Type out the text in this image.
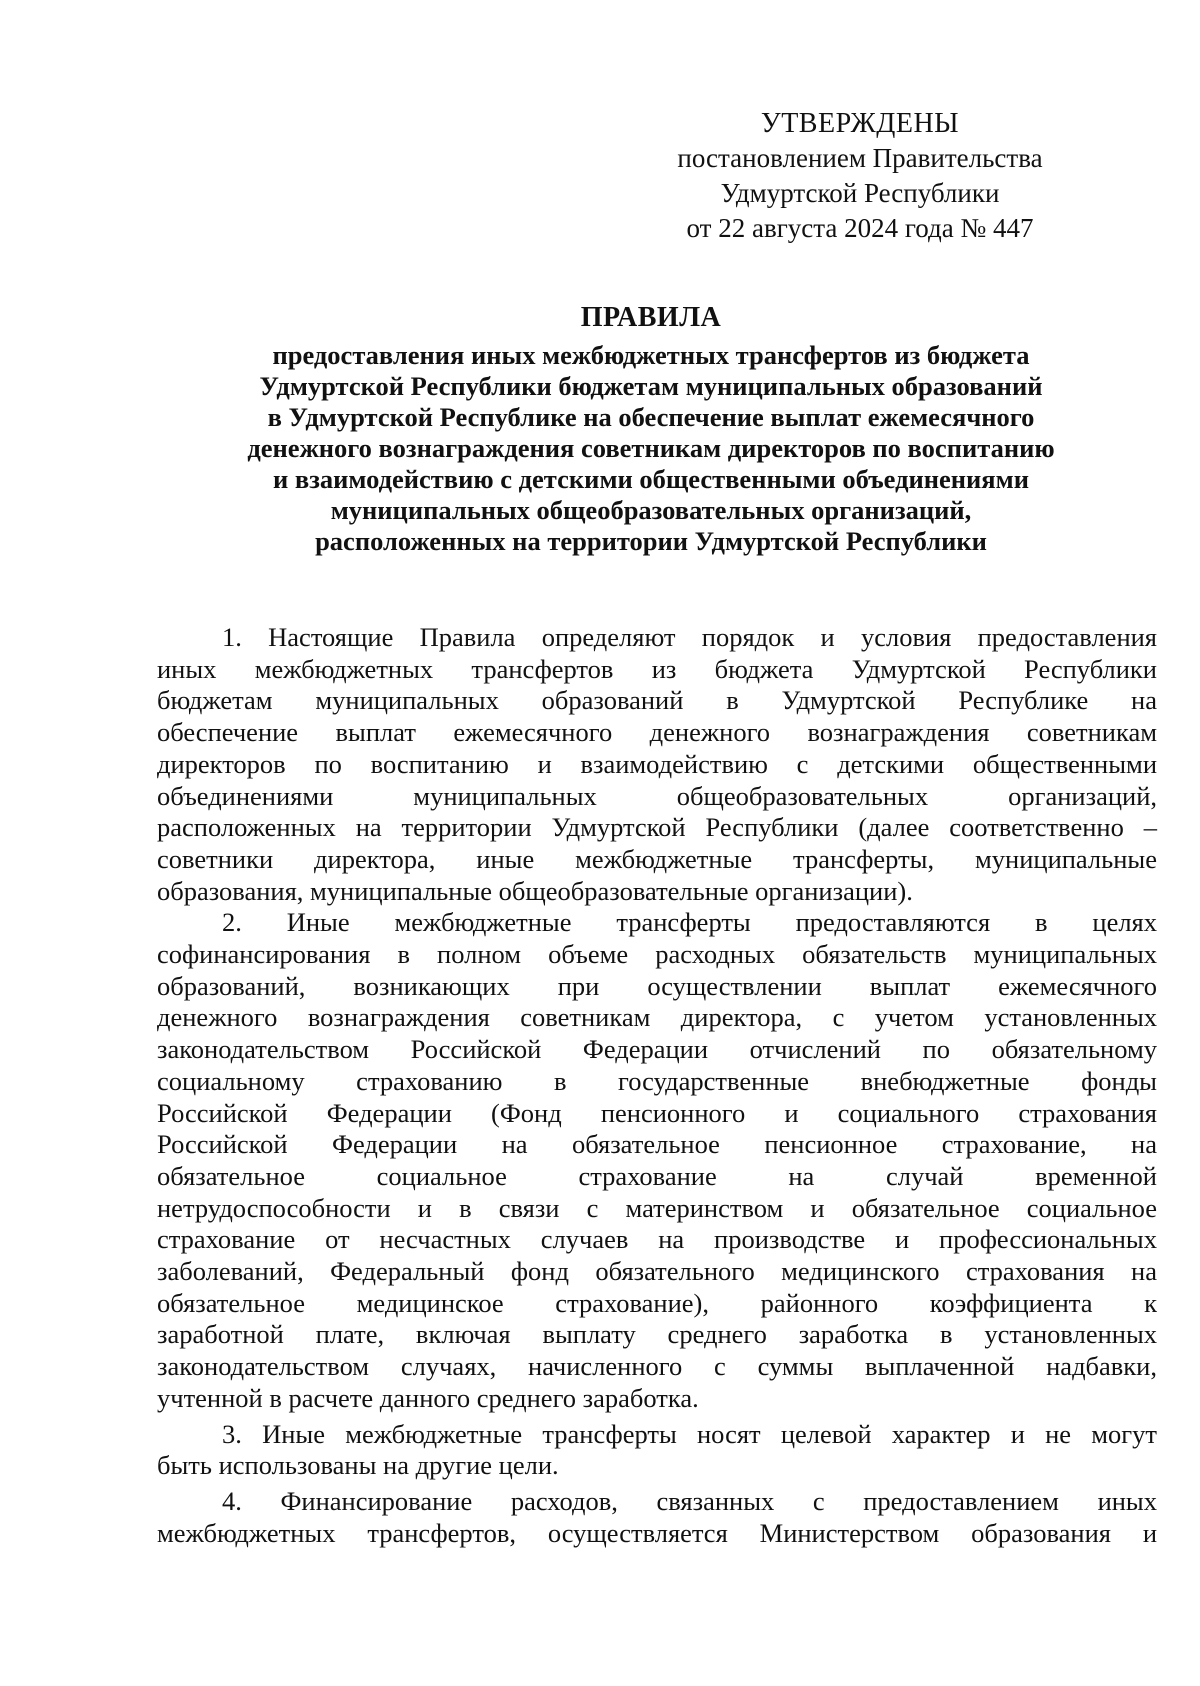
УТВЕРЖДЕНЫ
постановлением Правительства
Удмуртской Республики
от 22 августа 2024 года № 447
ПРАВИЛА
предоставления иных межбюджетных трансфертов из бюджета
Удмуртской Республики бюджетам муниципальных образований
в Удмуртской Республике на обеспечение выплат ежемесячного
денежного вознаграждения советникам директоров по воспитанию
и взаимодействию с детскими общественными объединениями
муниципальных общеобразовательных организаций,
расположенных на территории Удмуртской Республики
1. Настоящие Правила определяют порядок и условия предоставления
иных межбюджетных трансфертов из бюджета Удмуртской Республики
бюджетам муниципальных образований в Удмуртской Республике на
обеспечение выплат ежемесячного денежного вознаграждения советникам
директоров по воспитанию и взаимодействию с детскими общественными
объединениями муниципальных общеобразовательных организаций,
расположенных на территории Удмуртской Республики (далее соответственно –
советники директора, иные межбюджетные трансферты, муниципальные
образования, муниципальные общеобразовательные организации).
2. Иные межбюджетные трансферты предоставляются в целях
софинансирования в полном объеме расходных обязательств муниципальных
образований, возникающих при осуществлении выплат ежемесячного
денежного вознаграждения советникам директора, с учетом установленных
законодательством Российской Федерации отчислений по обязательному
социальному страхованию в государственные внебюджетные фонды
Российской Федерации (Фонд пенсионного и социального страхования
Российской Федерации на обязательное пенсионное страхование, на
обязательное социальное страхование на случай временной
нетрудоспособности и в связи с материнством и обязательное социальное
страхование от несчастных случаев на производстве и профессиональных
заболеваний, Федеральный фонд обязательного медицинского страхования на
обязательное медицинское страхование), районного коэффициента к
заработной плате, включая выплату среднего заработка в установленных
законодательством случаях, начисленного с суммы выплаченной надбавки,
учтенной в расчете данного среднего заработка.
3. Иные межбюджетные трансферты носят целевой характер и не могут
быть использованы на другие цели.
4. Финансирование расходов, связанных с предоставлением иных
межбюджетных трансфертов, осуществляется Министерством образования и
